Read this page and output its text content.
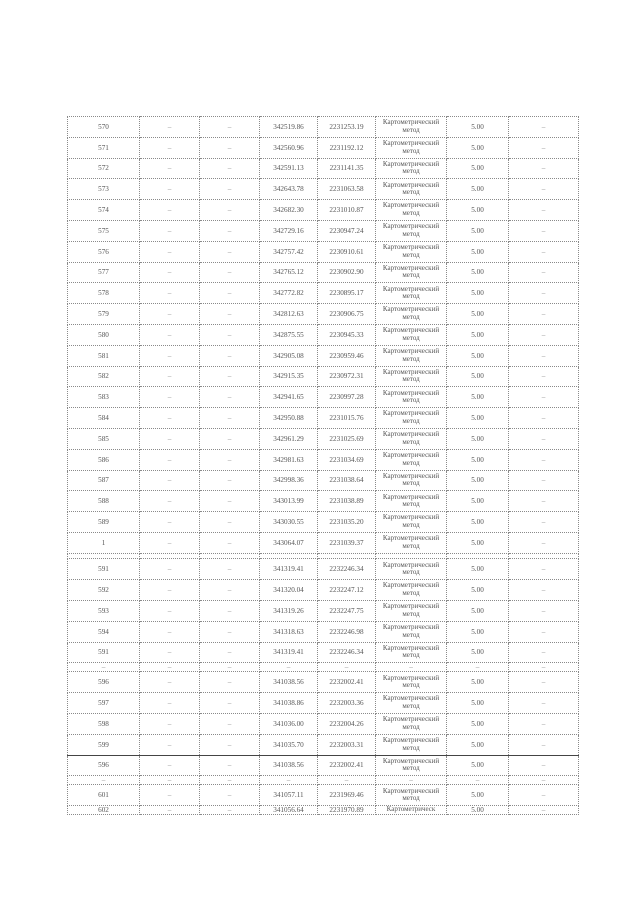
570	–	–	342519.86	2231253.19	Картометрический метод	5.00	–
571	–	–	342560.96	2231192.12	Картометрический метод	5.00	–
572	–	–	342591.13	2231141.35	Картометрический метод	5.00	–
573	–	–	342643.78	2231063.58	Картометрический метод	5.00	–
574	–	–	342682.30	2231010.87	Картометрический метод	5.00	–
575	–	–	342729.16	2230947.24	Картометрический метод	5.00	–
576	–	–	342757.42	2230910.61	Картометрический метод	5.00	–
577	–	–	342765.12	2230902.90	Картометрический метод	5.00	–
578	–	–	342772.82	2230895.17	Картометрический метод	5.00	–
579	–	–	342812.63	2230906.75	Картометрический метод	5.00	–
580	–	–	342875.55	2230945.33	Картометрический метод	5.00	–
581	–	–	342905.08	2230959.46	Картометрический метод	5.00	–
582	–	–	342915.35	2230972.31	Картометрический метод	5.00	–
583	–	–	342941.65	2230997.28	Картометрический метод	5.00	–
584	–	–	342950.88	2231015.76	Картометрический метод	5.00	–
585	–	–	342961.29	2231025.69	Картометрический метод	5.00	–
586	–	–	342981.63	2231034.69	Картометрический метод	5.00	–
587	–	–	342998.36	2231038.64	Картометрический метод	5.00	–
588	–	–	343013.99	2231038.89	Картометрический метод	5.00	–
589	–	–	343030.55	2231035.20	Картометрический метод	5.00	–
1	–	–	343064.07	2231039.37	Картометрический метод	5.00	–

591	–	–	341319.41	2232246.34	Картометрический метод	5.00	–
592	–	–	341320.04	2232247.12	Картометрический метод	5.00	–
593	–	–	341319.26	2232247.75	Картометрический метод	5.00	–
594	–	–	341318.63	2232246.98	Картометрический метод	5.00	–
591	–	–	341319.41	2232246.34	Картометрический метод	5.00	–
–	–	–	–	–	–	–	–
596	–	–	341038.56	2232002.41	Картометрический метод	5.00	–
597	–	–	341038.86	2232003.36	Картометрический метод	5.00	–
598	–	–	341036.00	2232004.26	Картометрический метод	5.00	–
599	–	–	341035.70	2232003.31	Картометрический метод	5.00	–
596	–	–	341038.56	2232002.41	Картометрический метод	5.00	–
–	–	–	–	–	–	–	–
601	–	–	341057.11	2231969.46	Картометрический метод	5.00	–
602	–	–	341056.64	2231970.89	Картометрическ	5.00	–
